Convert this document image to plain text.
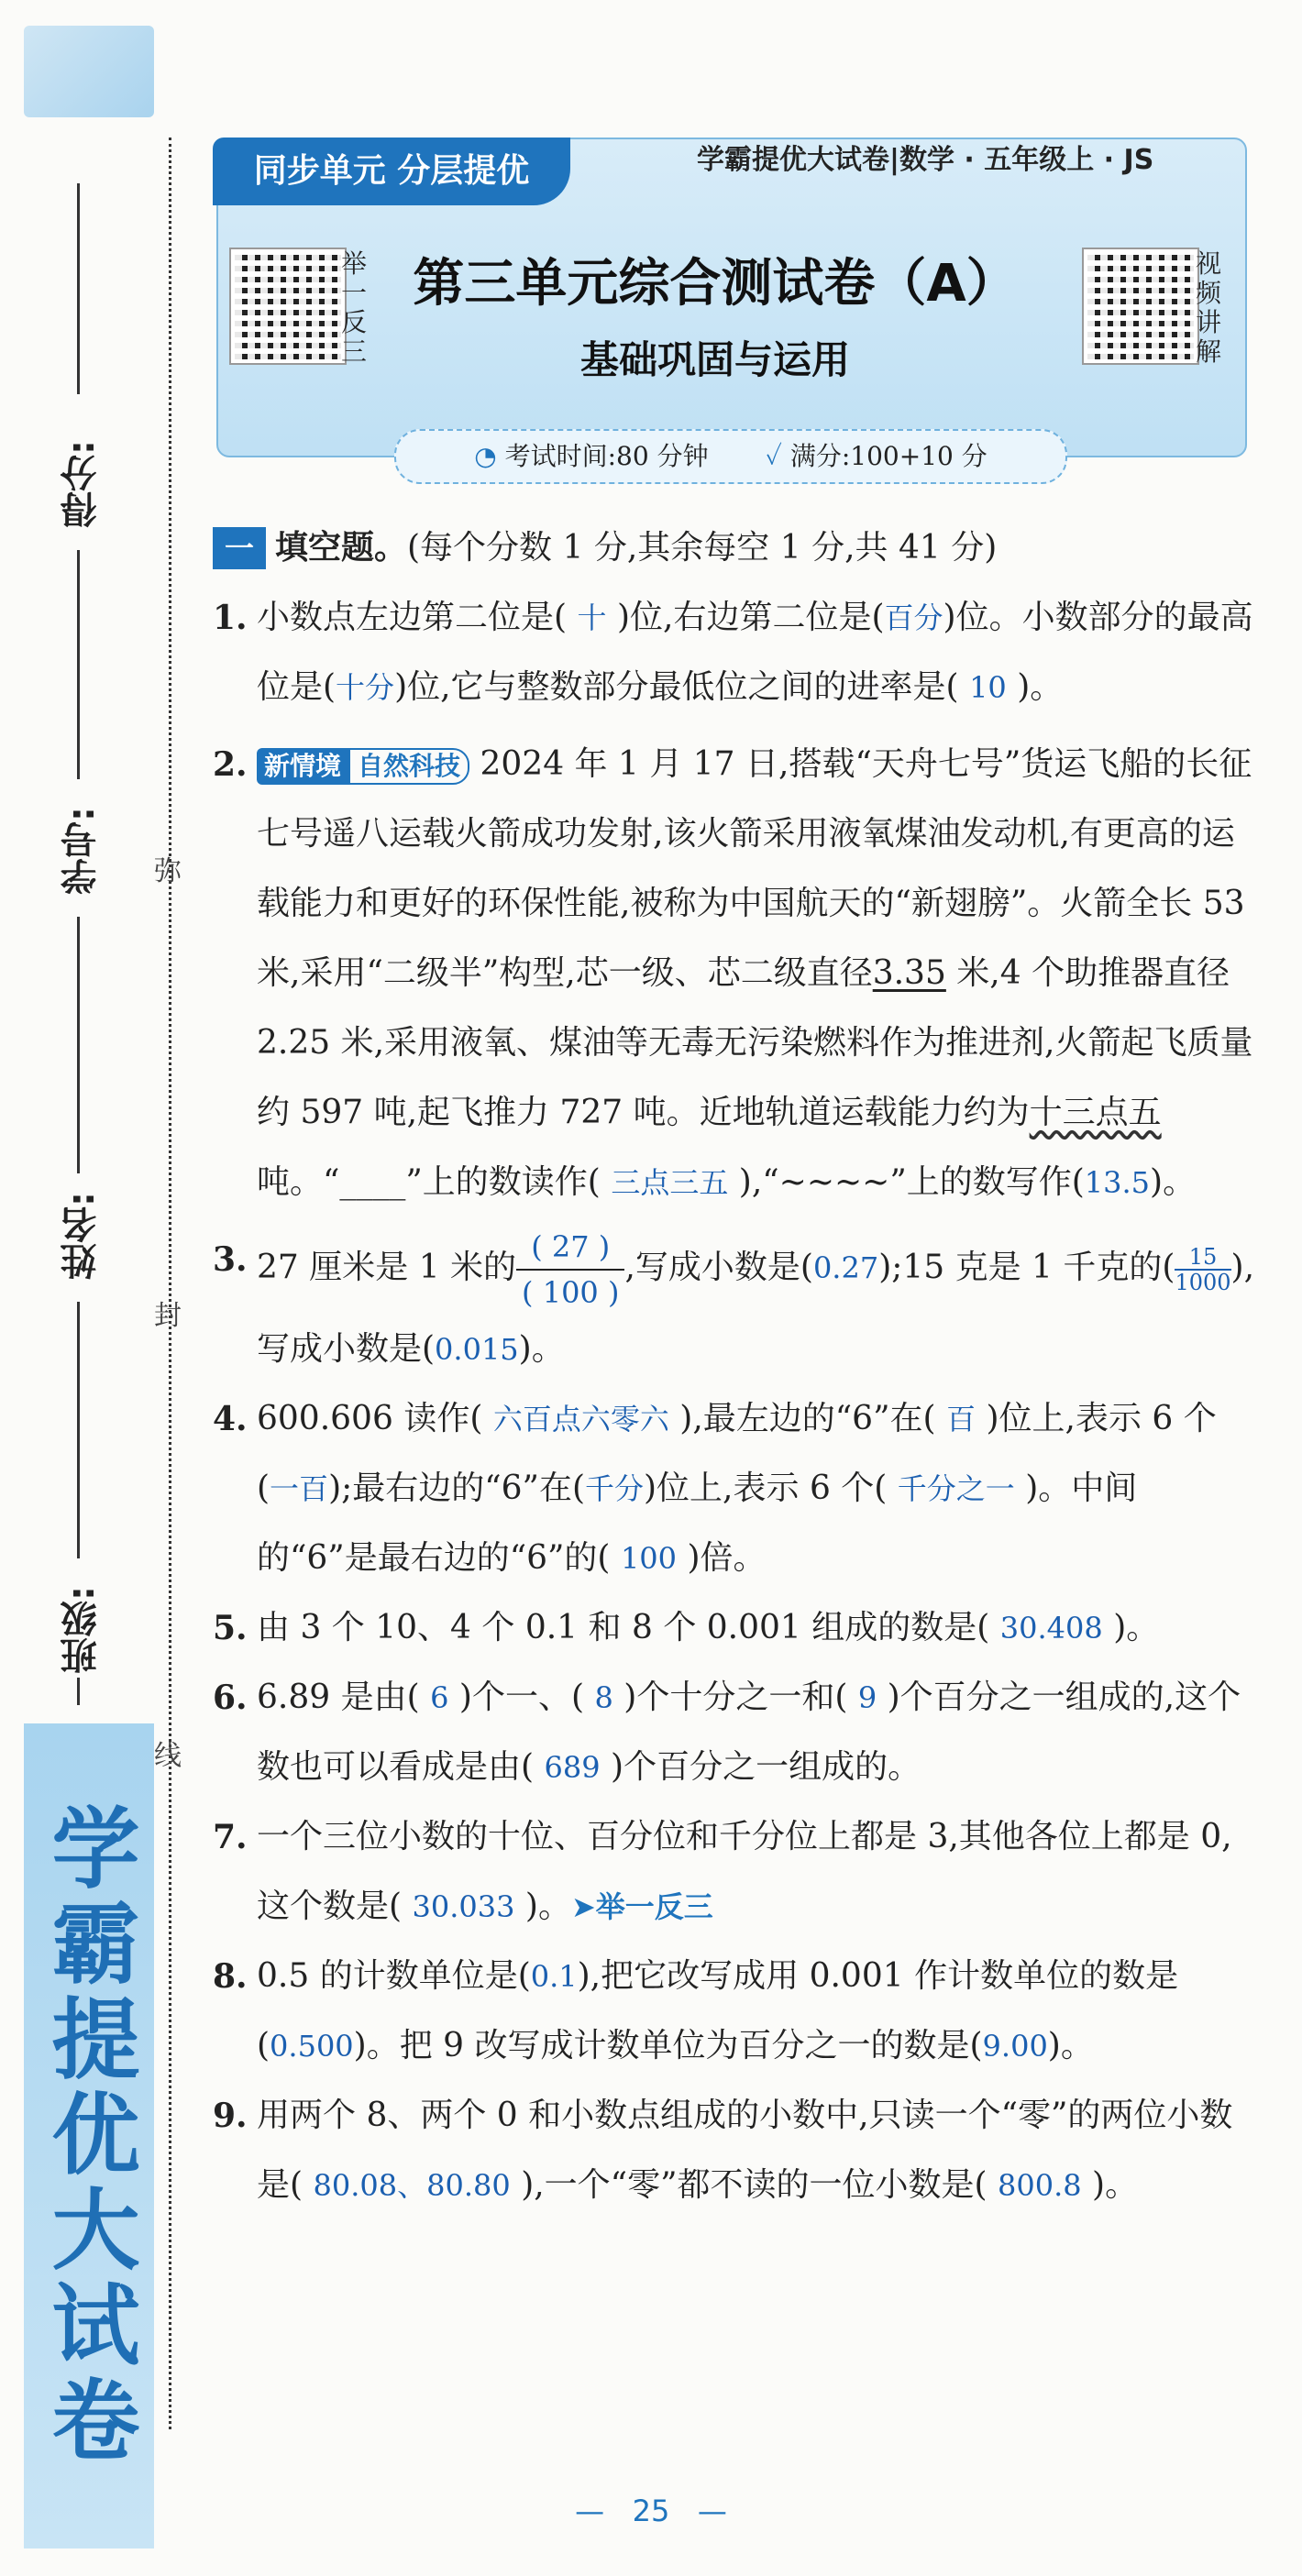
学霸提优大试卷
得分:
学号:
姓名:
班级:
弥
封
线
同步单元 分层提优	学霸提优大试卷|数学 · 五年级上 · JS
举一反三
视频讲解
第三单元综合测试卷（A）
基础巩固与运用
◔ 考试时间:80 分钟 ✓ 满分:100+10 分
一 填空题。(每个分数 1 分,其余每空 1 分,共 41 分)
1. 小数点左边第二位是( 十 )位,右边第二位是(百分)位。小数部分的最高位是(十分)位,它与整数部分最低位之间的进率是( 10 )。
2. 新情境 自然科技 2024 年 1 月 17 日,搭载“天舟七号”货运飞船的长征七号遥八运载火箭成功发射,该火箭采用液氧煤油发动机,有更高的运载能力和更好的环保性能,被称为中国航天的“新翅膀”。火箭全长 53 米,采用“二级半”构型,芯一级、芯二级直径3.35 米,4 个助推器直径 2.25 米,采用液氧、煤油等无毒无污染燃料作为推进剂,火箭起飞质量约 597 吨,起飞推力 727 吨。近地轨道运载能力约为十三点五吨。“____”上的数读作( 三点三五 ),“~~~~”上的数写作(13.5)。
3. 27 厘米是 1 米的 $\frac{( 27 )}{( 100 )}$ ,写成小数是(0.27);15 克是 1 千克的( $\frac{15}{1000}$),写成小数是(0.015)。
4. 600.606 读作( 六百点六零六 ),最左边的“6”在( 百 )位上,表示 6 个(一百);最右边的“6”在(千分)位上,表示 6 个( 千分之一 )。中间的“6”是最右边的“6”的( 100 )倍。
5. 由 3 个 10、4 个 0.1 和 8 个 0.001 组成的数是( 30.408 )。
6. 6.89 是由( 6 )个一、( 8 )个十分之一和( 9 )个百分之一组成的,这个数也可以看成是由( 689 )个百分之一组成的。
7. 一个三位小数的十位、百分位和千分位上都是 3,其他各位上都是 0,这个数是( 30.033 )。➤举一反三
8. 0.5 的计数单位是(0.1),把它改写成用 0.001 作计数单位的数是(0.500)。把 9 改写成计数单位为百分之一的数是(9.00)。
9. 用两个 8、两个 0 和小数点组成的小数中,只读一个“零”的两位小数是( 80.08、80.80 ),一个“零”都不读的一位小数是( 800.8 )。
— 25 —
